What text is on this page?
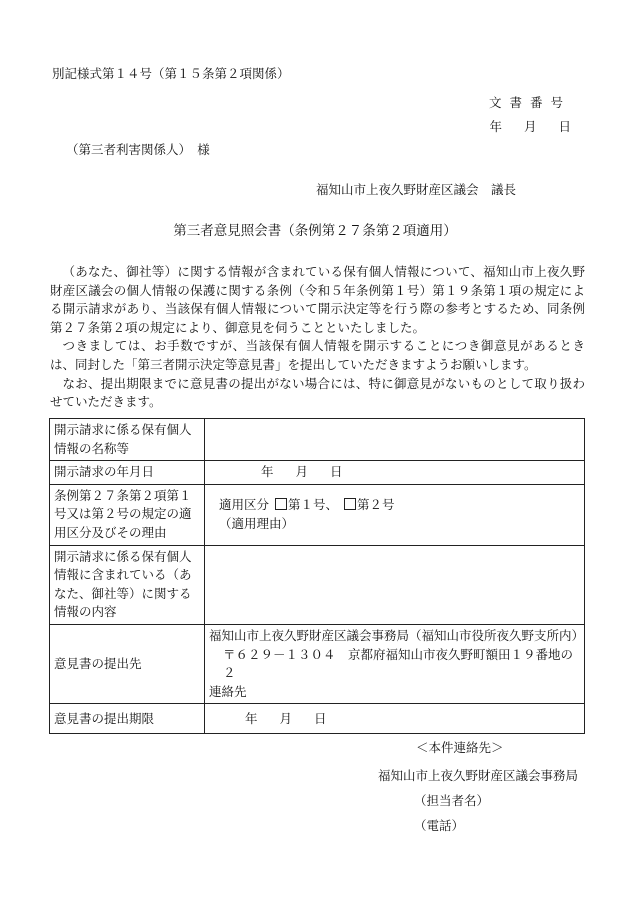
別記様式第１４号（第１５条第２項関係）
文書番号
年 月 日
（第三者利害関係人）　様
福知山市上夜久野財産区議会　議長
第三者意見照会書（条例第２７条第２項適用）

（あなた、御社等）に関する情報が含まれている保有個人情報について、福知山市上夜久野財産区議会の個人情報の保護に関する条例（令和５年条例第１号）第１９条第１項の規定による開示請求があり、当該保有個人情報について開示決定等を行う際の参考とするため、同条例第２７条第２項の規定により、御意見を伺うことといたしました。

つきましては、お手数ですが、当該保有個人情報を開示することにつき御意見があるときは、同封した「第三者開示決定等意見書」を提出していただきますようお願いします。

なお、提出期限までに意見書の提出がない場合には、特に御意見がないものとして取り扱わせていただきます。

開示請求に係る保有個人情報の名称等	
開示請求の年月日	年 月 日
条例第２７条第２項第１号又は第２号の規定の適用区分及びその理由	適用区分 第１号、 第２号
（適用理由）

開示請求に係る保有個人情報に含まれている（あなた、御社等）に関する情報の内容	
意見書の提出先	福知山市上夜久野財産区議会事務局（福知山市役所夜久野支所内）
〒６２９－１３０４　京都府福知山市夜久野町額田１９番地の２
連絡先

意見書の提出期限	年 月 日
＜本件連絡先＞
福知山市上夜久野財産区議会事務局
（担当者名）
（電話）
